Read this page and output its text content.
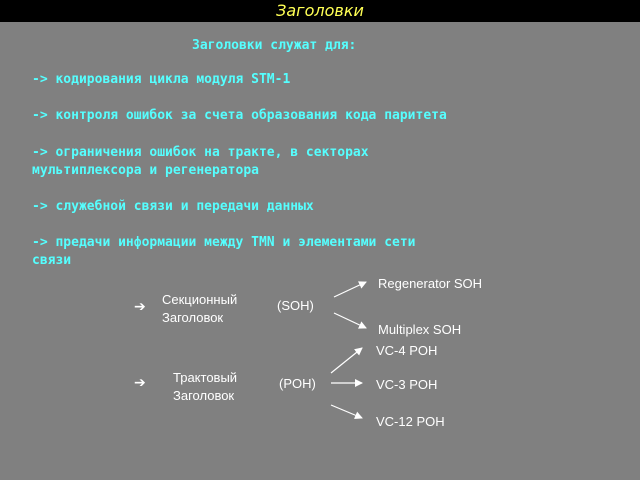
Заголовки

Заголовки служат для:

-> кодирования цикла модуля STM-1

-> контроля ошибок за счета образования кода паритета

-> ограничения ошибок на тракте, в секторах

мультиплексора и регенератора

-> служебной связи и передачи данных

-> предачи информации между TMN и элементами сети

связи

➔ Секционный

Заголовок

(SOH)

Regenerator SOH

Multiplex SOH

➔ Трактовый

Заголовок

(POH)

VC-4 POH

VC-3 POH

VC-12 POH
